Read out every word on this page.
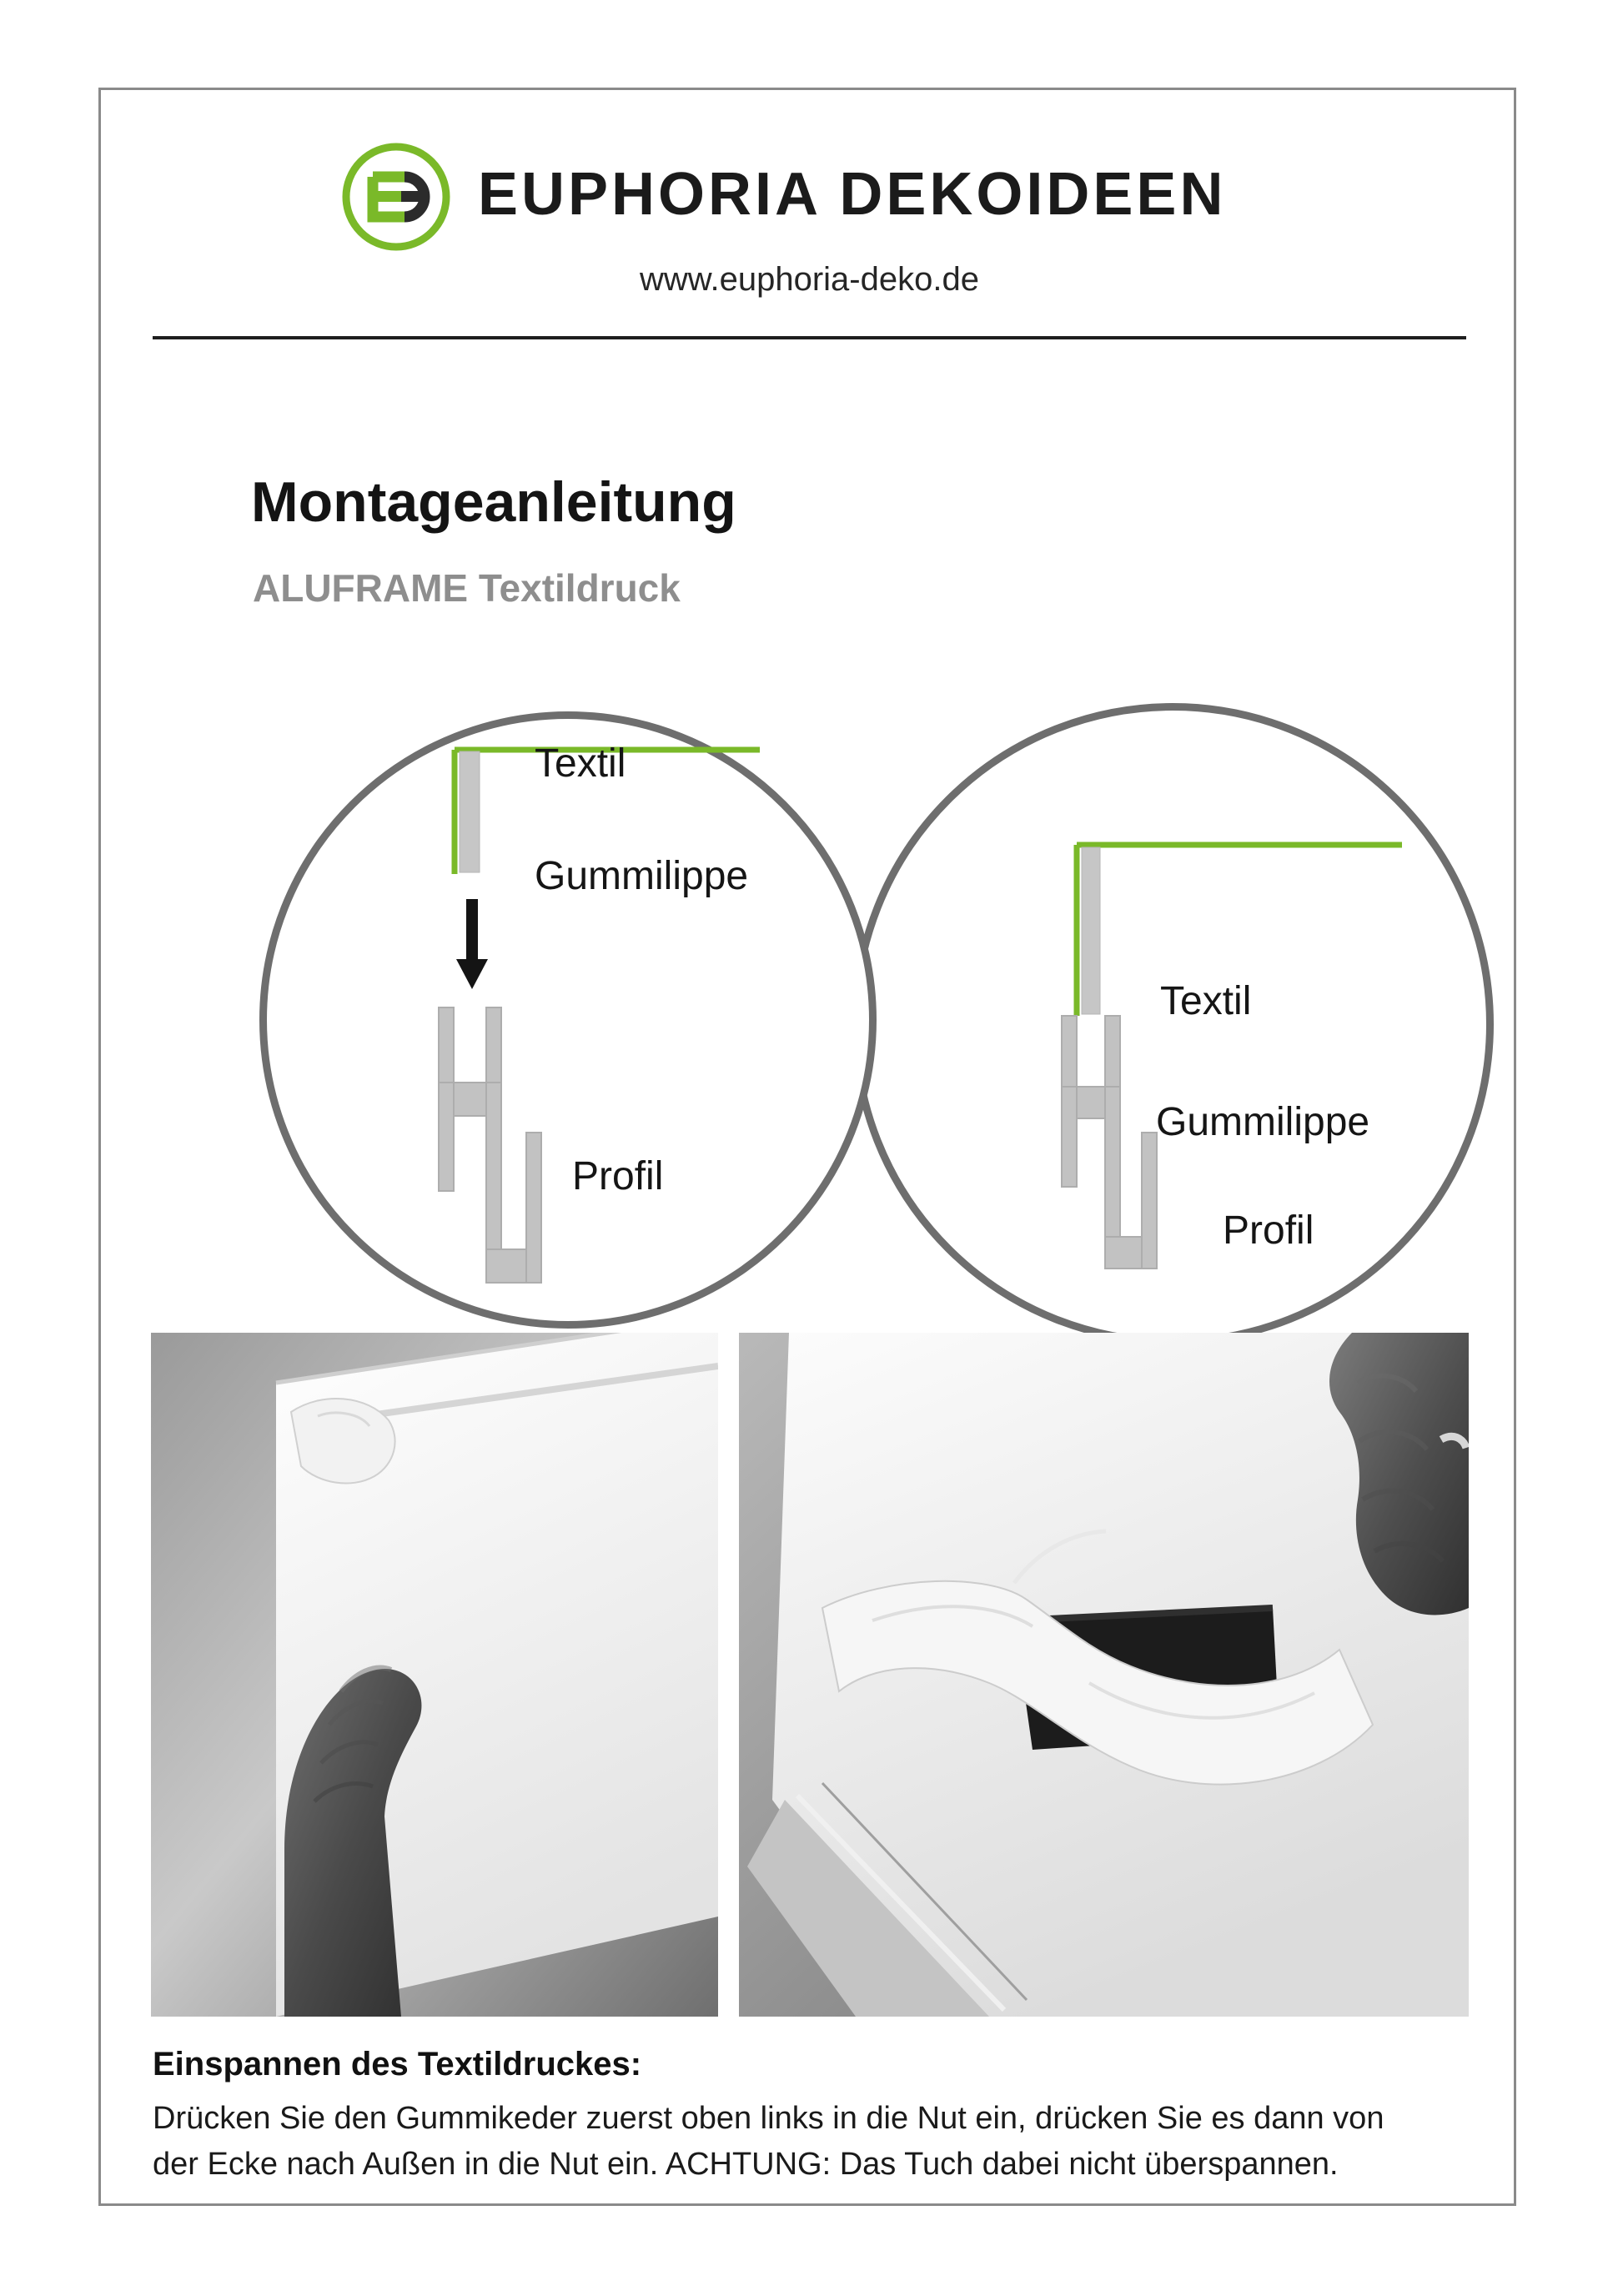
EUPHORIA DEKOIDEEN
www.euphoria-deko.de
Montageanleitung
ALUFRAME Textildruck
Textil
Gummilippe
Profil
Textil
Gummilippe
Profil
Einspannen des Textildruckes:
Drücken Sie den Gummikeder zuerst oben links in die Nut ein, drücken Sie es dann von der Ecke nach Außen in die Nut ein. ACHTUNG: Das Tuch dabei nicht überspannen.
